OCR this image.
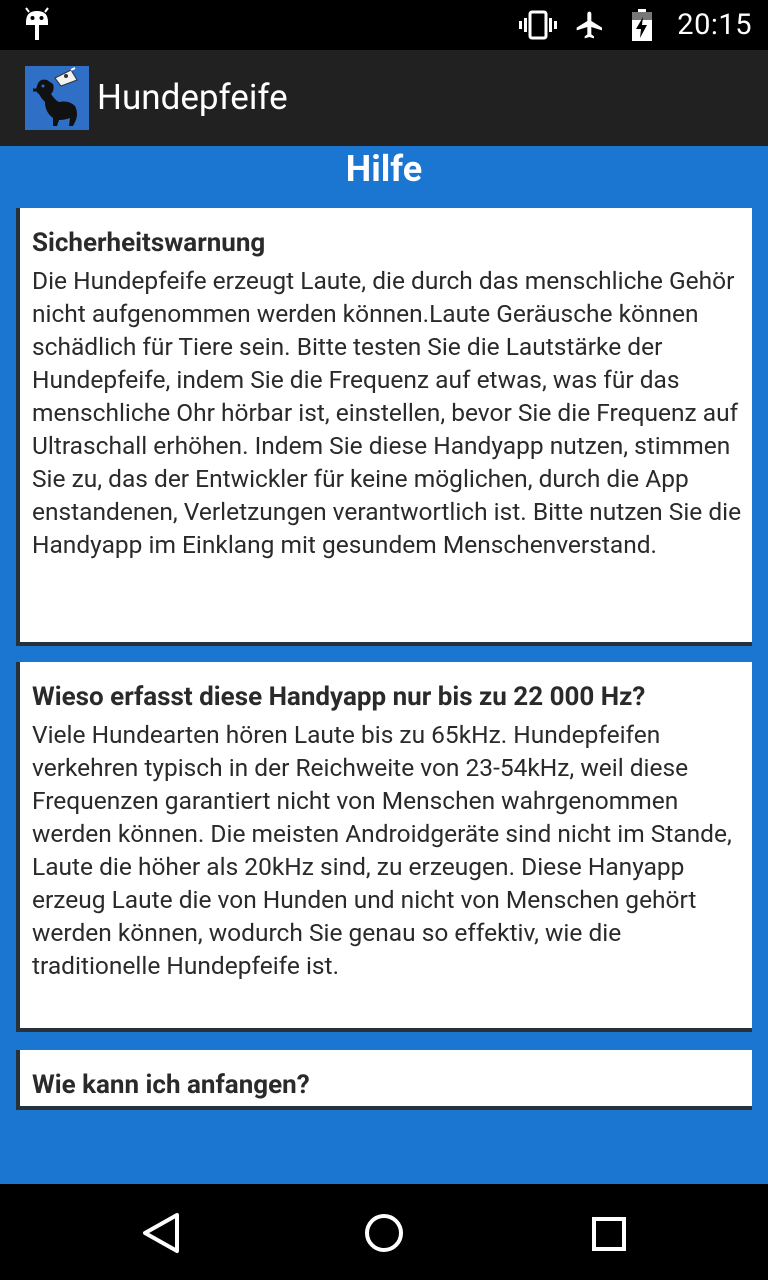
20:15
Hundepfeife
Hilfe
Sicherheitswarnung
Die Hundepfeife erzeugt Laute, die durch das menschliche Gehör nicht aufgenommen werden können.Laute Geräusche können schädlich für Tiere sein. Bitte testen Sie die Lautstärke der Hundepfeife, indem Sie die Frequenz auf etwas, was für das menschliche Ohr hörbar ist, einstellen, bevor Sie die Frequenz auf Ultraschall erhöhen. Indem Sie diese Handyapp nutzen, stimmen Sie zu, das der Entwickler für keine möglichen, durch die App enstandenen, Verletzungen verantwortlich ist. Bitte nutzen Sie die Handyapp im Einklang mit gesundem Menschenverstand.
Wieso erfasst diese Handyapp nur bis zu 22 000 Hz?
Viele Hundearten hören Laute bis zu 65kHz. Hundepfeifen verkehren typisch in der Reichweite von 23-54kHz, weil diese Frequenzen garantiert nicht von Menschen wahrgenommen werden können. Die meisten Androidgeräte sind nicht im Stande, Laute die höher als 20kHz sind, zu erzeugen. Diese Hanyapp erzeug Laute die von Hunden und nicht von Menschen gehört werden können, wodurch Sie genau so effektiv, wie die traditionelle Hundepfeife ist.
Wie kann ich anfangen?
